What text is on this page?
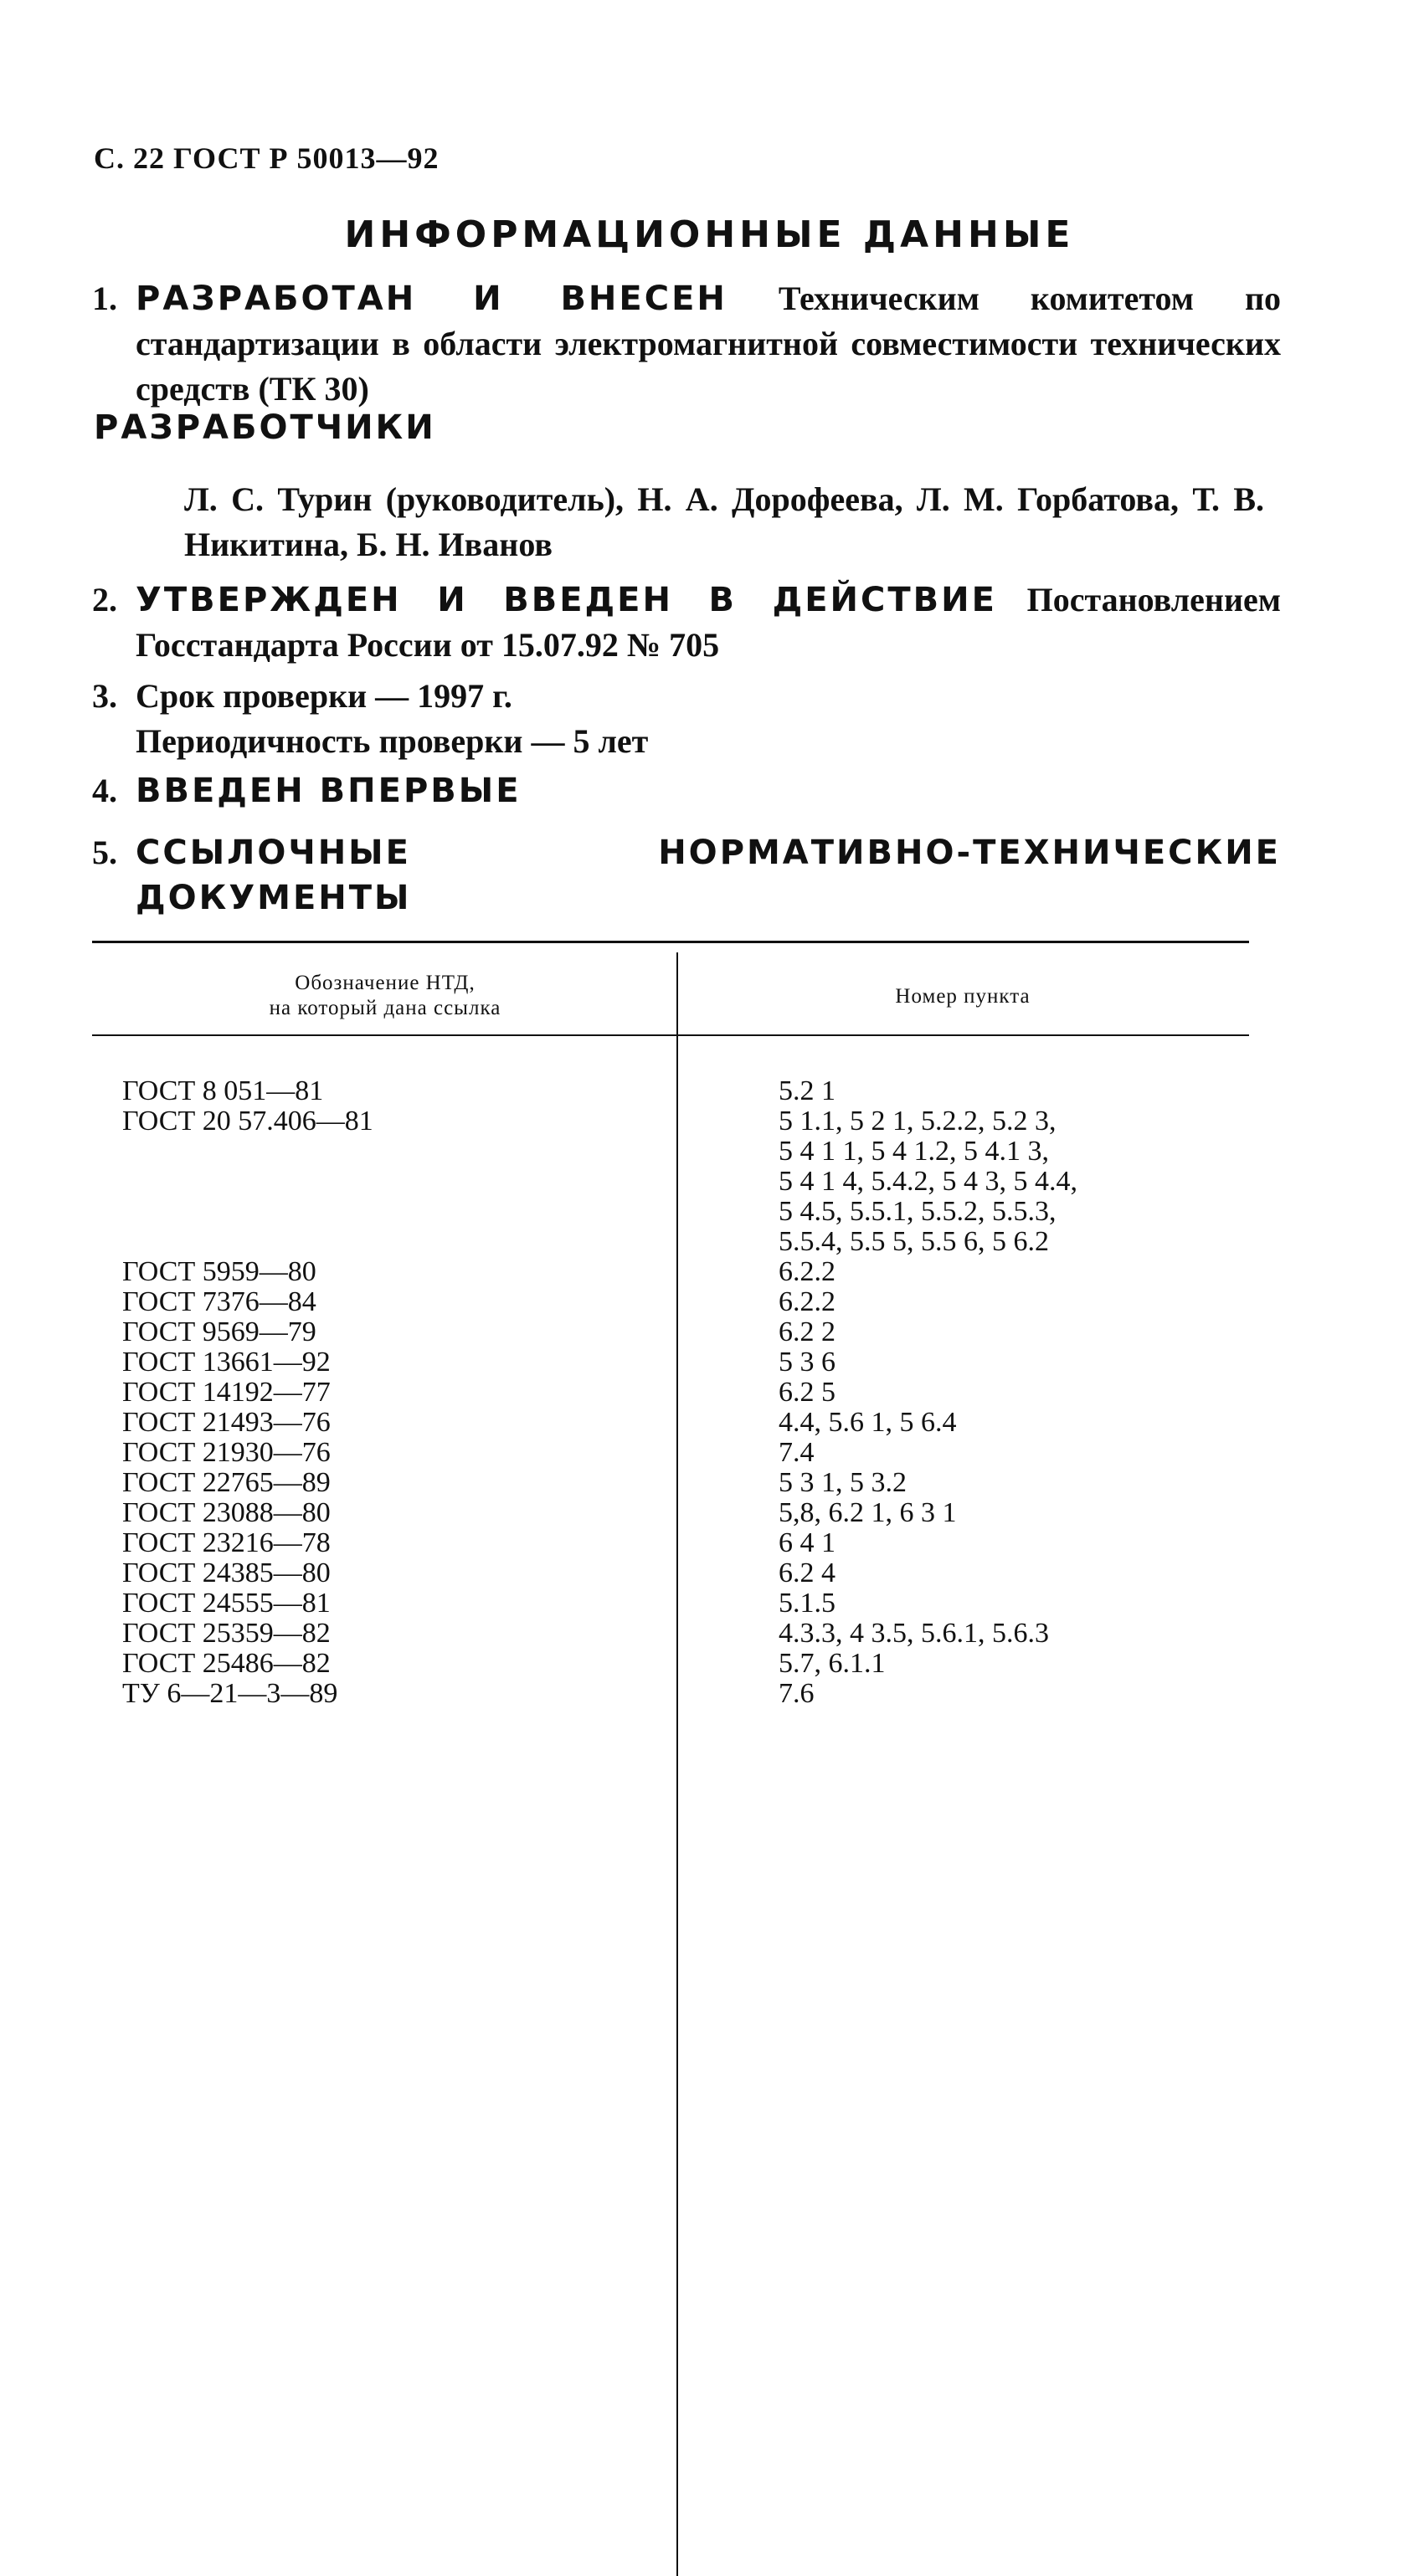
С. 22 ГОСТ Р 50013—92
ИНФОРМАЦИОННЫЕ ДАННЫЕ
1. РАЗРАБОТАН И ВНЕСЕН Техническим комитетом по стандартизации в области электромагнитной совместимости технических средств (ТК 30)
РАЗРАБОТЧИКИ
Л. С. Турин (руководитель), Н. А. Дорофеева, Л. М. Горбатова, Т. В. Никитина, Б. Н. Иванов
2. УТВЕРЖДЕН И ВВЕДЕН В ДЕЙСТВИЕ Постановлением Госстандарта России от 15.07.92 № 705
3. Срок проверки — 1997 г.
Периодичность проверки — 5 лет
4. ВВЕДЕН ВПЕРВЫЕ
5. ССЫЛОЧНЫЕ НОРМАТИВНО-ТЕХНИЧЕСКИЕ ДОКУМЕНТЫ
Обозначение НТД,
на который дана ссылка
Номер пункта
ГОСТ 8 051—81
ГОСТ 20 57.406—81
ГОСТ 5959—80
ГОСТ 7376—84
ГОСТ 9569—79
ГОСТ 13661—92
ГОСТ 14192—77
ГОСТ 21493—76
ГОСТ 21930—76
ГОСТ 22765—89
ГОСТ 23088—80
ГОСТ 23216—78
ГОСТ 24385—80
ГОСТ 24555—81
ГОСТ 25359—82
ГОСТ 25486—82
ТУ 6—21—3—89
5.2 1
5 1.1, 5 2 1, 5.2.2, 5.2 3,
5 4 1 1, 5 4 1.2, 5 4.1 3,
5 4 1 4, 5.4.2, 5 4 3, 5 4.4,
5 4.5, 5.5.1, 5.5.2, 5.5.3,
5.5.4, 5.5 5, 5.5 6, 5 6.2
6.2.2
6.2.2
6.2 2
5 3 6
6.2 5
4.4, 5.6 1, 5 6.4
7.4
5 3 1, 5 3.2
5,8, 6.2 1, 6 3 1
6 4 1
6.2 4
5.1.5
4.3.3, 4 3.5, 5.6.1, 5.6.3
5.7, 6.1.1
7.6
